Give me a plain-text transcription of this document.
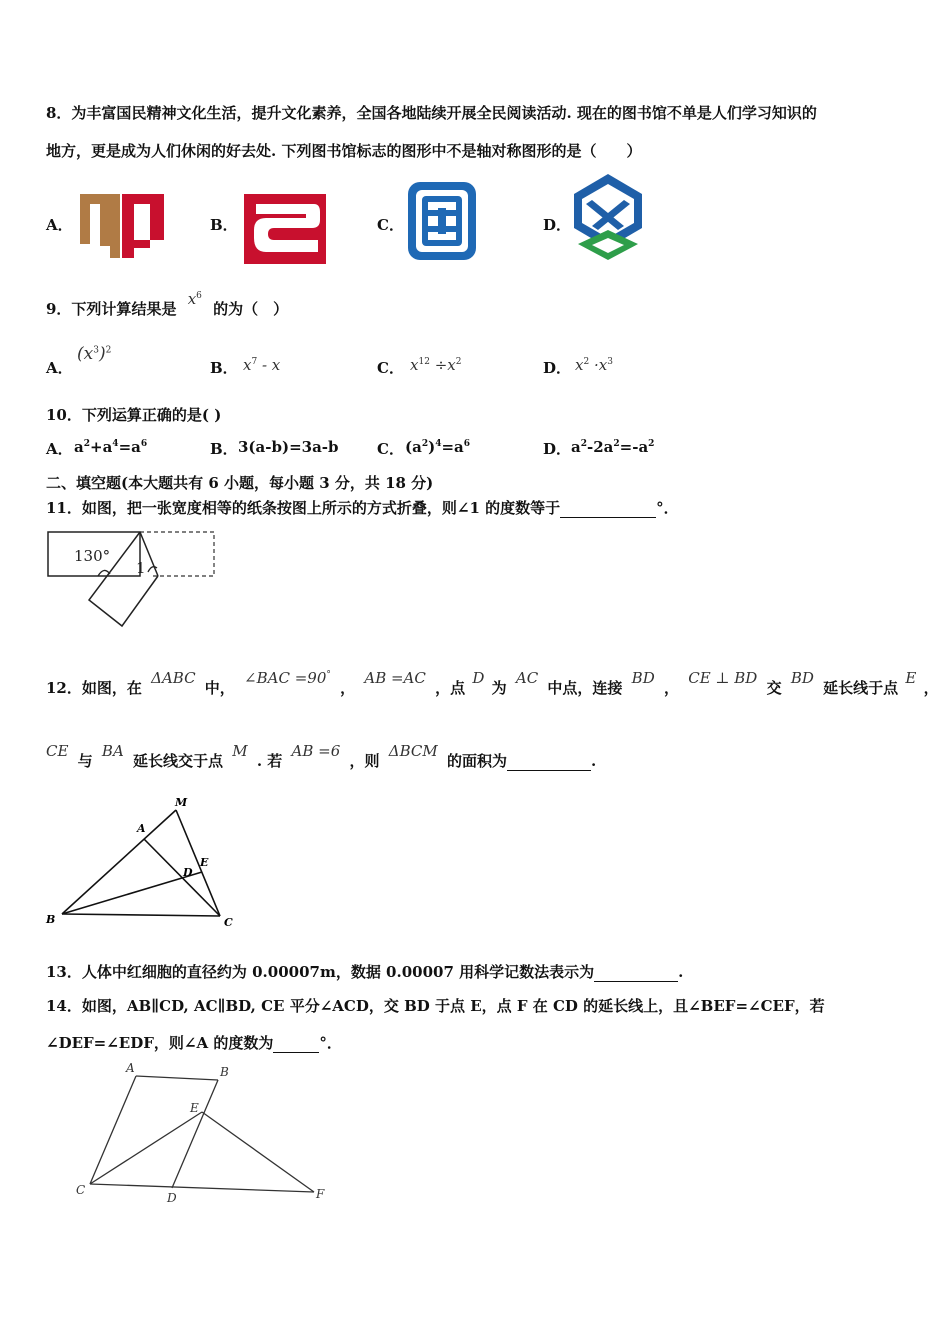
8．为丰富国民精神文化生活，提升文化素养，全国各地陆续开展全民阅读活动. 现在的图书馆不单是人们学习知识的
地方，更是成为人们休闲的好去处. 下列图书馆标志的图形中不是轴对称图形的是（　　）
A．	B．	C．	D．
9．下列计算结果是 $x^6$ 的为（　）
A．
$(x^3)^2$
B． $x^7$ - x	C． $x^{12} \div x^2$	D． $x^2 \cdot x^3$
10．下列运算正确的是( )
A． $a^2+a^4=a^6$	B． 3(a-b)=3a-b	C． $(a^2)^4=a^6$	D． $a^2-2a^2=-a^2$
二、填空题(本大题共有 6 小题，每小题 3 分，共 18 分)
11．如图，把一张宽度相等的纸条按图上所示的方式折叠，则∠1 的度数等于	°．
130°
1
12．如图，在 ΔABC 中， ∠BAC =90° ， AB =AC ，点 D 为 AC 中点，连接 BD ， CE ⊥ BD 交 BD 延长线于点 E ，
CE 与 BA 延长线交于点 M . 若 AB =6 ，则 ΔBCM 的面积为	.
M
A
D
E
B	C
13．人体中红细胞的直径约为 0.00007m，数据 0.00007 用科学记数法表示为	.
14．如图，AB∥CD, AC∥BD, CE 平分∠ACD，交 BD 于点 E，点 F 在 CD 的延长线上，且∠BEF=∠CEF，若
∠DEF=∠EDF，则∠A 的度数为	°．
A	B
E
C
D	F
